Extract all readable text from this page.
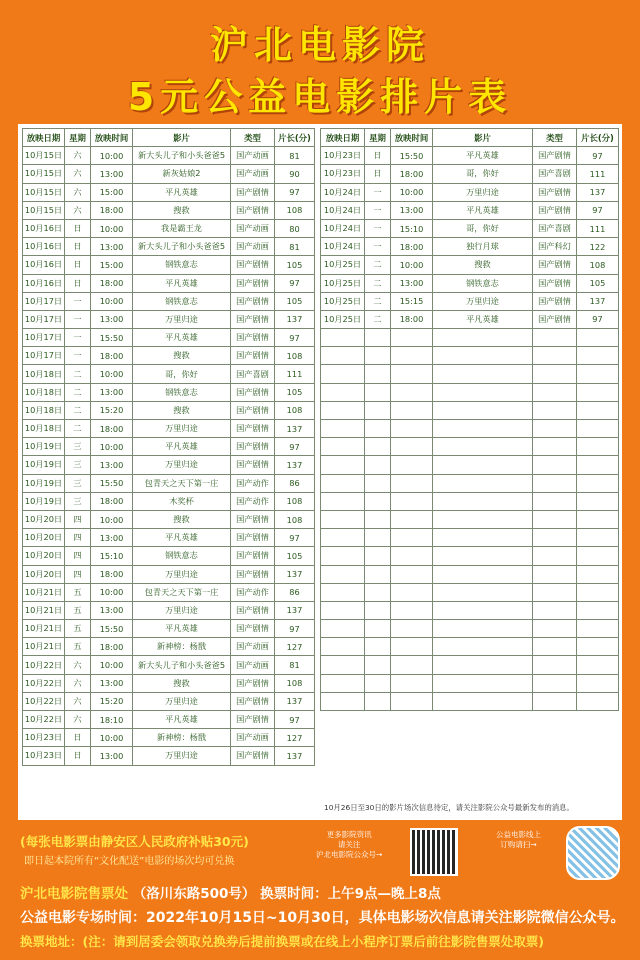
沪北电影院
5元公益电影排片表
放映日期	星期	放映时间	影片	类型	片长(分)
10月15日	六	10:00	新大头儿子和小头爸爸5	国产动画	81
10月15日	六	13:00	新灰姑娘2	国产动画	90
10月15日	六	15:00	平凡英雄	国产剧情	97
10月15日	六	18:00	搜救	国产剧情	108
10月16日	日	10:00	我是霸王龙	国产动画	80
10月16日	日	13:00	新大头儿子和小头爸爸5	国产动画	81
10月16日	日	15:00	钢铁意志	国产剧情	105
10月16日	日	18:00	平凡英雄	国产剧情	97
10月17日	一	10:00	钢铁意志	国产剧情	105
10月17日	一	13:00	万里归途	国产剧情	137
10月17日	一	15:50	平凡英雄	国产剧情	97
10月17日	一	18:00	搜救	国产剧情	108
10月18日	二	10:00	哥，你好	国产喜剧	111
10月18日	二	13:00	钢铁意志	国产剧情	105
10月18日	二	15:20	搜救	国产剧情	108
10月18日	二	18:00	万里归途	国产剧情	137
10月19日	三	10:00	平凡英雄	国产剧情	97
10月19日	三	13:00	万里归途	国产剧情	137
10月19日	三	15:50	包青天之天下第一庄	国产动作	86
10月19日	三	18:00	木奖杯	国产动作	108
10月20日	四	10:00	搜救	国产剧情	108
10月20日	四	13:00	平凡英雄	国产剧情	97
10月20日	四	15:10	钢铁意志	国产剧情	105
10月20日	四	18:00	万里归途	国产剧情	137
10月21日	五	10:00	包青天之天下第一庄	国产动作	86
10月21日	五	13:00	万里归途	国产剧情	137
10月21日	五	15:50	平凡英雄	国产剧情	97
10月21日	五	18:00	新神榜：杨戬	国产动画	127
10月22日	六	10:00	新大头儿子和小头爸爸5	国产动画	81
10月22日	六	13:00	搜救	国产剧情	108
10月22日	六	15:20	万里归途	国产剧情	137
10月22日	六	18:10	平凡英雄	国产剧情	97
10月23日	日	10:00	新神榜：杨戬	国产动画	127
10月23日	日	13:00	万里归途	国产剧情	137
放映日期	星期	放映时间	影片	类型	片长(分)
10月23日	日	15:50	平凡英雄	国产剧情	97
10月23日	日	18:00	哥，你好	国产喜剧	111
10月24日	一	10:00	万里归途	国产剧情	137
10月24日	一	13:00	平凡英雄	国产剧情	97
10月24日	一	15:10	哥，你好	国产喜剧	111
10月24日	一	18:00	独行月球	国产科幻	122
10月25日	二	10:00	搜救	国产剧情	108
10月25日	二	13:00	钢铁意志	国产剧情	105
10月25日	二	15:15	万里归途	国产剧情	137
10月25日	二	18:00	平凡英雄	国产剧情	97

10月26日至30日的影片场次信息待定，请关注影院公众号最新发布的消息。
(每张电影票由静安区人民政府补贴30元)
即日起本院所有“文化配送”电影的场次均可兑换
更多影院资讯
请关注
沪北电影院公众号→
公益电影线上
订购请扫→
沪北电影院售票处 （洛川东路500号） 换票时间：上午9点—晚上8点
公益电影专场时间：2022年10月15日~10月30日，具体电影场次信息请关注影院微信公众号。
换票地址：(注：请到居委会领取兑换券后提前换票或在线上小程序订票后前往影院售票处取票)
